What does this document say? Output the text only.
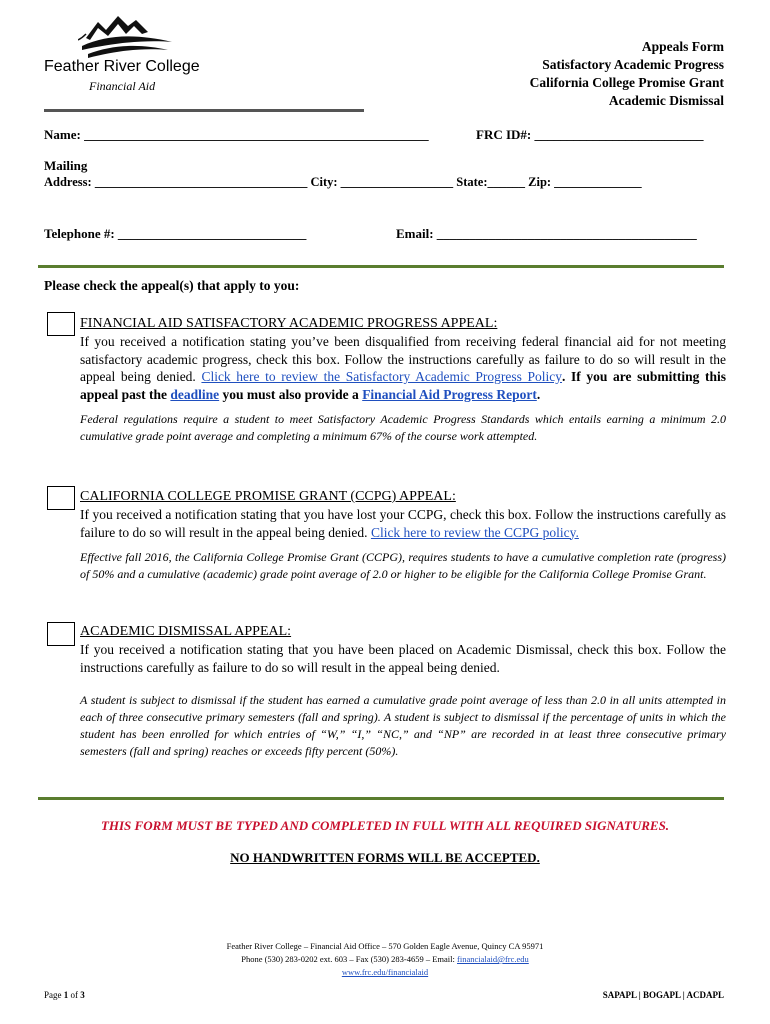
Feather River College
Financial Aid
Appeals Form
Satisfactory Academic Progress
California College Promise Grant
Academic Dismissal
Name: _____________________________________________________	FRC ID#: __________________________
Mailing
Address: __________________________________ City: __________________ State:______ Zip: ______________
Telephone #: _____________________________	Email: ________________________________________
Please check the appeal(s) that apply to you:
FINANCIAL AID SATISFACTORY ACADEMIC PROGRESS APPEAL:
If you received a notification stating you’ve been disqualified from receiving federal financial aid for not meeting satisfactory academic progress, check this box. Follow the instructions carefully as failure to do so will result in the appeal being denied. Click here to review the Satisfactory Academic Progress Policy. If you are submitting this appeal past the deadline you must also provide a Financial Aid Progress Report.
Federal regulations require a student to meet Satisfactory Academic Progress Standards which entails earning a minimum 2.0 cumulative grade point average and completing a minimum 67% of the course work attempted.
CALIFORNIA COLLEGE PROMISE GRANT (CCPG) APPEAL:
If you received a notification stating that you have lost your CCPG, check this box. Follow the instructions carefully as failure to do so will result in the appeal being denied. Click here to review the CCPG policy.
Effective fall 2016, the California College Promise Grant (CCPG), requires students to have a cumulative completion rate (progress) of 50% and a cumulative (academic) grade point average of 2.0 or higher to be eligible for the California College Promise Grant.
ACADEMIC DISMISSAL APPEAL:
If you received a notification stating that you have been placed on Academic Dismissal, check this box. Follow the instructions carefully as failure to do so will result in the appeal being denied.
A student is subject to dismissal if the student has earned a cumulative grade point average of less than 2.0 in all units attempted in each of three consecutive primary semesters (fall and spring). A student is subject to dismissal if the percentage of units in which the student has been enrolled for which entries of “W,” “I,” “NC,” and “NP” are recorded in at least three consecutive primary semesters (fall and spring) reaches or exceeds fifty percent (50%).
THIS FORM MUST BE TYPED AND COMPLETED IN FULL WITH ALL REQUIRED SIGNATURES.
NO HANDWRITTEN FORMS WILL BE ACCEPTED.
Feather River College – Financial Aid Office – 570 Golden Eagle Avenue, Quincy CA 95971
Phone (530) 283-0202 ext. 603 – Fax (530) 283-4659 – Email: financialaid@frc.edu
www.frc.edu/financialaid
Page 1 of 3	SAPAPL | BOGAPL | ACDAPL
